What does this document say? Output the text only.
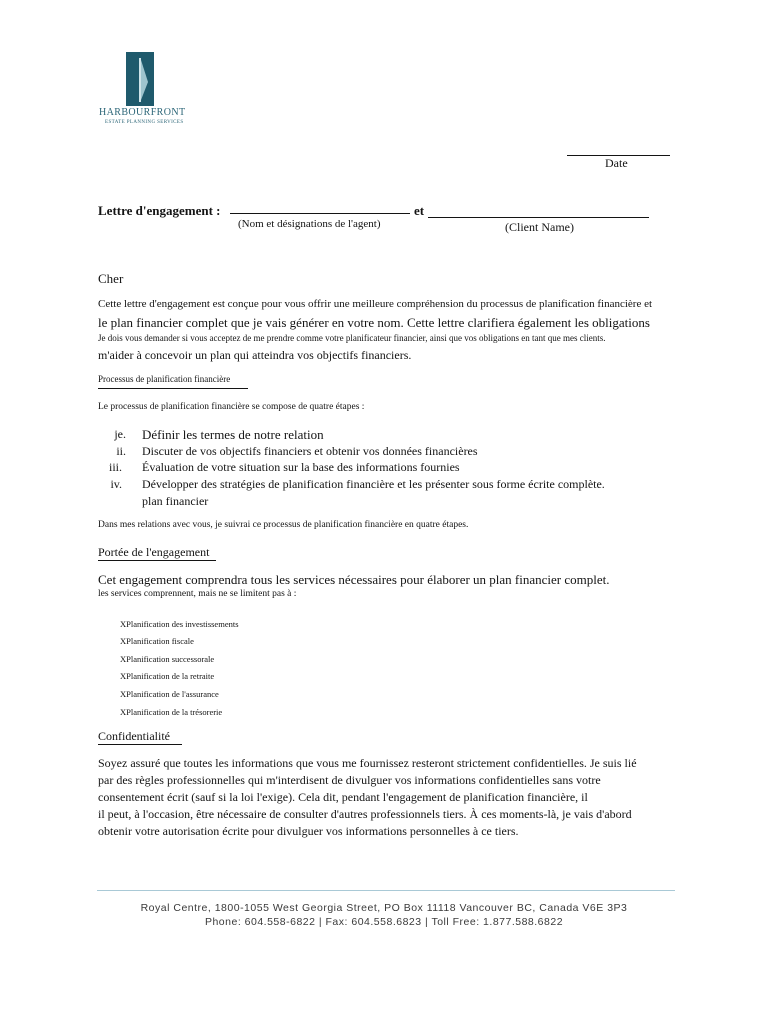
HARBOURFRONT
ESTATE PLANNING SERVICES
Date
Lettre d'engagement :	et
(Nom et désignations de l'agent)	(Client Name)
Cher
Cette lettre d'engagement est conçue pour vous offrir une meilleure compréhension du processus de planification financière et
le plan financier complet que je vais générer en votre nom. Cette lettre clarifiera également les obligations
Je dois vous demander si vous acceptez de me prendre comme votre planificateur financier, ainsi que vos obligations en tant que mes clients.
m'aider à concevoir un plan qui atteindra vos objectifs financiers.
Processus de planification financière
Le processus de planification financière se compose de quatre étapes :
je. Définir les termes de notre relation
ii. Discuter de vos objectifs financiers et obtenir vos données financières
iii. Évaluation de votre situation sur la base des informations fournies
iv. Développer des stratégies de planification financière et les présenter sous forme écrite complète.
plan financier
Dans mes relations avec vous, je suivrai ce processus de planification financière en quatre étapes.
Portée de l'engagement
Cet engagement comprendra tous les services nécessaires pour élaborer un plan financier complet.
les services comprennent, mais ne se limitent pas à :
XPlanification des investissements
XPlanification fiscale
XPlanification successorale
XPlanification de la retraite
XPlanification de l'assurance
XPlanification de la trésorerie
Confidentialité
Soyez assuré que toutes les informations que vous me fournissez resteront strictement confidentielles. Je suis lié
par des règles professionnelles qui m'interdisent de divulguer vos informations confidentielles sans votre
consentement écrit (sauf si la loi l'exige). Cela dit, pendant l'engagement de planification financière, il
il peut, à l'occasion, être nécessaire de consulter d'autres professionnels tiers. À ces moments-là, je vais d'abord
obtenir votre autorisation écrite pour divulguer vos informations personnelles à ce tiers.
Royal Centre, 1800-1055 West Georgia Street, PO Box 11118 Vancouver BC, Canada V6E 3P3
Phone: 604.558-6822 | Fax: 604.558.6823 | Toll Free: 1.877.588.6822
